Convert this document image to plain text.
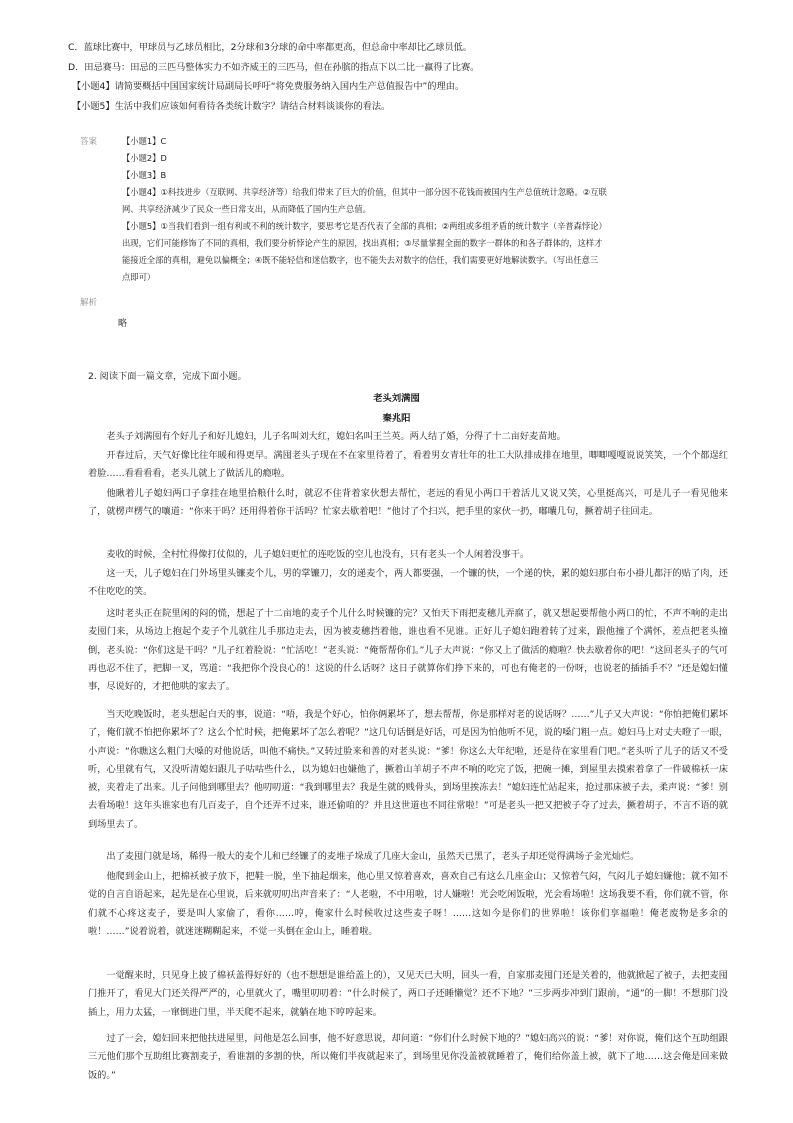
C．蓝球比赛中，甲球员与乙球员相比，2分球和3分球的命中率都更高，但总命中率却比乙球员低。
D．田忌赛马：田忌的三匹马整体实力不如齐威王的三匹马，但在孙膑的指点下以二比一赢得了比赛。
【小题4】请简要概括中国国家统计局副局长呼吁“将免费服务纳入国内生产总值报告中”的理由。
【小题5】生活中我们应该如何看待各类统计数字？请结合材料谈谈你的看法。
答案	【小题1】C
【小题2】D
【小题3】B
【小题4】①科技进步（互联网、共享经济等）给我们带来了巨大的价值，但其中一部分因不花钱而被国内生产总值统计忽略。②互联
网、共享经济减少了民众一些日常支出，从而降低了国内生产总值。
【小题5】①当我们看到一组有利或不利的统计数字，要思考它是否代表了全部的真相；②两组或多组矛盾的统计数字（辛普森悖论）
出现，它们可能修饰了不同的真相，我们要分析悖论产生的原因，找出真相；③尽量掌握全面的数字一群体的和各子群体的，这样才
能接近全部的真相，避免以偏概全；④既不能轻信和迷信数字，也不能失去对数字的信任，我们需要更好地解读数字。（写出任意三
点即可）
解析
略
2. 阅读下面一篇文章，完成下面小题。
老头刘满囤
秦兆阳
老头子刘满囤有个好儿子和好儿媳妇，儿子名叫刘大红，媳妇名叫王兰英。两人结了婚，分得了十二亩好麦苗地。
开春过后，天气好像比往年暖和得更早。满囤老头子现在不在家里待着了，看着男女青壮年的壮工大队排成排在地里，唧唧嘎嘎说说笑笑，一个个都逞红着脸……看看看看，老头儿就上了做活儿的瘾啦。
他瞅着儿子媳妇两口子拿挂在地里拾粮什么时，就忍不住背着家伙想去帮忙，老远的看见小两口干着活儿又说又笑，心里挺高兴，可是儿子一看见他来了，就楞声楞气的嚷道：“你来干吗？还用得着你干活吗？忙家去歇着吧！”他讨了个扫兴，把手里的家伙一扔，嘟囔几句，撅着胡子往回走。
麦收的时候，全村忙得像打仗似的，儿子媳妇更忙的连吃饭的空儿也没有，只有老头一个人闲着没事干。
这一天，儿子媳妇在门外场里头镰麦个儿，男的掌镰刀，女的递麦个，两人都要强，一个镰的快，一个递的快，累的媳妇那白布小褂儿都汗的贴了肉，还不住吃吃的笑。
这时老头正在院里闲的闷的慌，想起了十二亩地的麦子个儿什么时候镰的完？又怕天下雨把麦穗儿弄腐了，就又想起要帮他小两口的忙，不声不响的走出麦囤门来，从场边上抱起个麦子个儿就往儿手那边走去，因为被麦穗挡着他，谁也看不见谁。正好儿子媳妇跑着转了过来，跟他撞了个满怀，差点把老头撞倒，老头说：“你们这是干吗？”儿子红着脸说：“忙活吃！”老头说：“俺帮帮你们。”儿子大声说：“你又上了做活的瘾啦？快去歇着你的吧！”这回老头子的气可再也忍不住了，把脚一叉，骂道：“我把你个没良心的！这说的什么话呀？这日子就算你们挣下来的，可也有俺老的一份呀，也说老的插插手不？”还是媳妇懂事，尽说好的，才把他哄的家去了。
当天吃晚饭时，老头想起白天的事，说道：“唔，我是个好心，怕你俩累坏了，想去帮帮，你是那样对老的说话呀？……”儿子又大声说：“你怕把俺们累坏了，俺们就不怕把你累坏了？这么个忙时候，把俺累坏了怎么着呢？”这几句话倒是好话，可是因为怕他听不见，说的嗓门粗一点。媳妇马上对丈夫瞪了一眼，小声说：“你瞧这么粗门大嗓的对他说话，叫他不痛快。”又转过脸来和善的对老头说：“爹！你这么大年纪啦，还是待在家里看门吧。”老头听了儿子的话又不受听，心里就有气，又没听清媳妇跟儿子咕咕些什么，以为媳妇也嫌他了，撅着山羊胡子不声不响的吃完了饭，把碗一摊，到屋里去摸索着拿了一件破棉袄一床被，夹着走了出来。儿子问他到哪里去？他叨叨道：“我到哪里去？我是生就的贱骨头，到场里挨冻去！”媳妇连忙站起来，抢过那床被子去，柔声说：“爹！别去看场啦！这年头谁家也有几百麦子，自个还弄不过来，谁还偷咱的？并且这世道也不同往常啦！”可是老头一把又把被子夺了过去，撅着胡子，不言不语的就到场里去了。
出了麦囤门就是场，稀得一般大的麦个儿和已经镰了的麦堆子垛成了几座大金山，虽然天已黑了，老头子却还觉得满场子金光灿烂。
他爬到金山上，把棉袄被子放下，把鞋一脱，坐下抽起烟来，他心里又惊着喜欢，喜欢自己有这么几座金山；又惊着气闷，气闷儿子媳妇嫌他；就不知不觉的自言自语起来，起先是在心里说，后来就叨叨出声音来了：“人老啦，不中用啦，讨人嫌啦！光会吃闲饭啦，光会看场啦！这场我要不看，你们就不管，你们就不心疼这麦子，要是叫人家偷了，看你……哼，俺家什么时候收过这些麦子呀！……这如今是你们的世界啦！该你们享福啦！俺老废物是多余的啦！……”说着说着，就迷迷糊糊起来，不觉一头倒在金山上，睡着啦。
一觉醒来时，只见身上披了棉袄盖得好好的（也不想想是谁给盖上的），又见天已大明，回头一看，自家那麦囤门还是关着的，他就掀起了被子，去把麦囤门推开了，看见大门还关得严严的，心里就火了，嘴里叨叨着：“什么时候了，两口子还睡懒觉？还不下地？”三步两步冲到门跟前，“通”的一脚！不想那门没插上，用力太猛，一窜倒进门里，半天爬不起来，就躺在地下哼哼起来。
过了一会，媳妇回来把他扶进屋里，问他是怎么回事，他不好意思说，却问道：“你们什么时候下地的？”媳妇高兴的说：“爹！对你说，俺们这个互助组跟三元他们那个互助组比赛割麦子，看谁割的多割的快，所以俺们半夜就起来了，到场里见你没盖被就睡着了，俺们给你盖上被，就下了地……这会俺是回来做饭的。”
